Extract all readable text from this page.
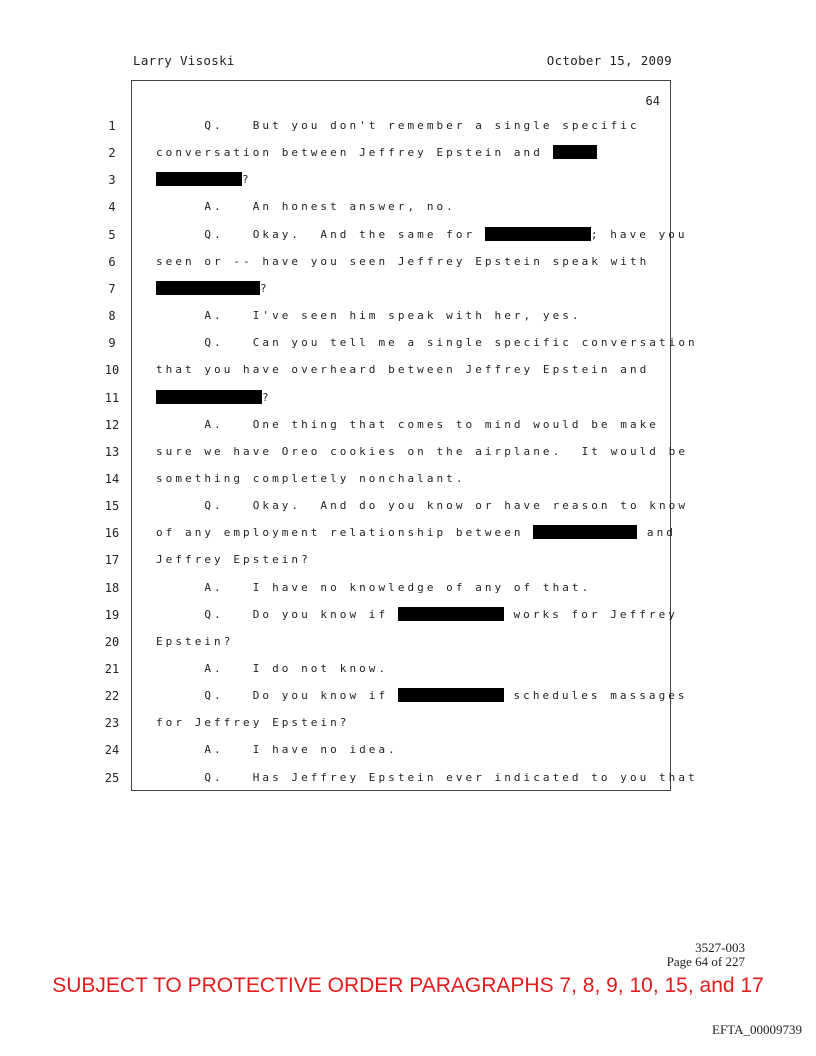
Larry Visoski	October 15, 2009
64
1	Q.   But you don't remember a single specific
2	conversation between Jeffrey Epstein and
3	?
4	A.   An honest answer, no.
5	Q.   Okay.  And the same for	; have you
6	seen or -- have you seen Jeffrey Epstein speak with
7	?
8	A.   I've seen him speak with her, yes.
9	Q.   Can you tell me a single specific conversation
10	that you have overheard between Jeffrey Epstein and
11	?
12	A.   One thing that comes to mind would be make
13	sure we have Oreo cookies on the airplane.  It would be
14	something completely nonchalant.
15	Q.   Okay.  And do you know or have reason to know
16	of any employment relationship between	and
17	Jeffrey Epstein?
18	A.   I have no knowledge of any of that.
19	Q.   Do you know if	works for Jeffrey
20	Epstein?
21	A.   I do not know.
22	Q.   Do you know if	schedules massages
23	for Jeffrey Epstein?
24	A.   I have no idea.
25	Q.   Has Jeffrey Epstein ever indicated to you that
3527-003
Page 64 of 227
SUBJECT TO PROTECTIVE ORDER PARAGRAPHS 7, 8, 9, 10, 15, and 17
EFTA_00009739
